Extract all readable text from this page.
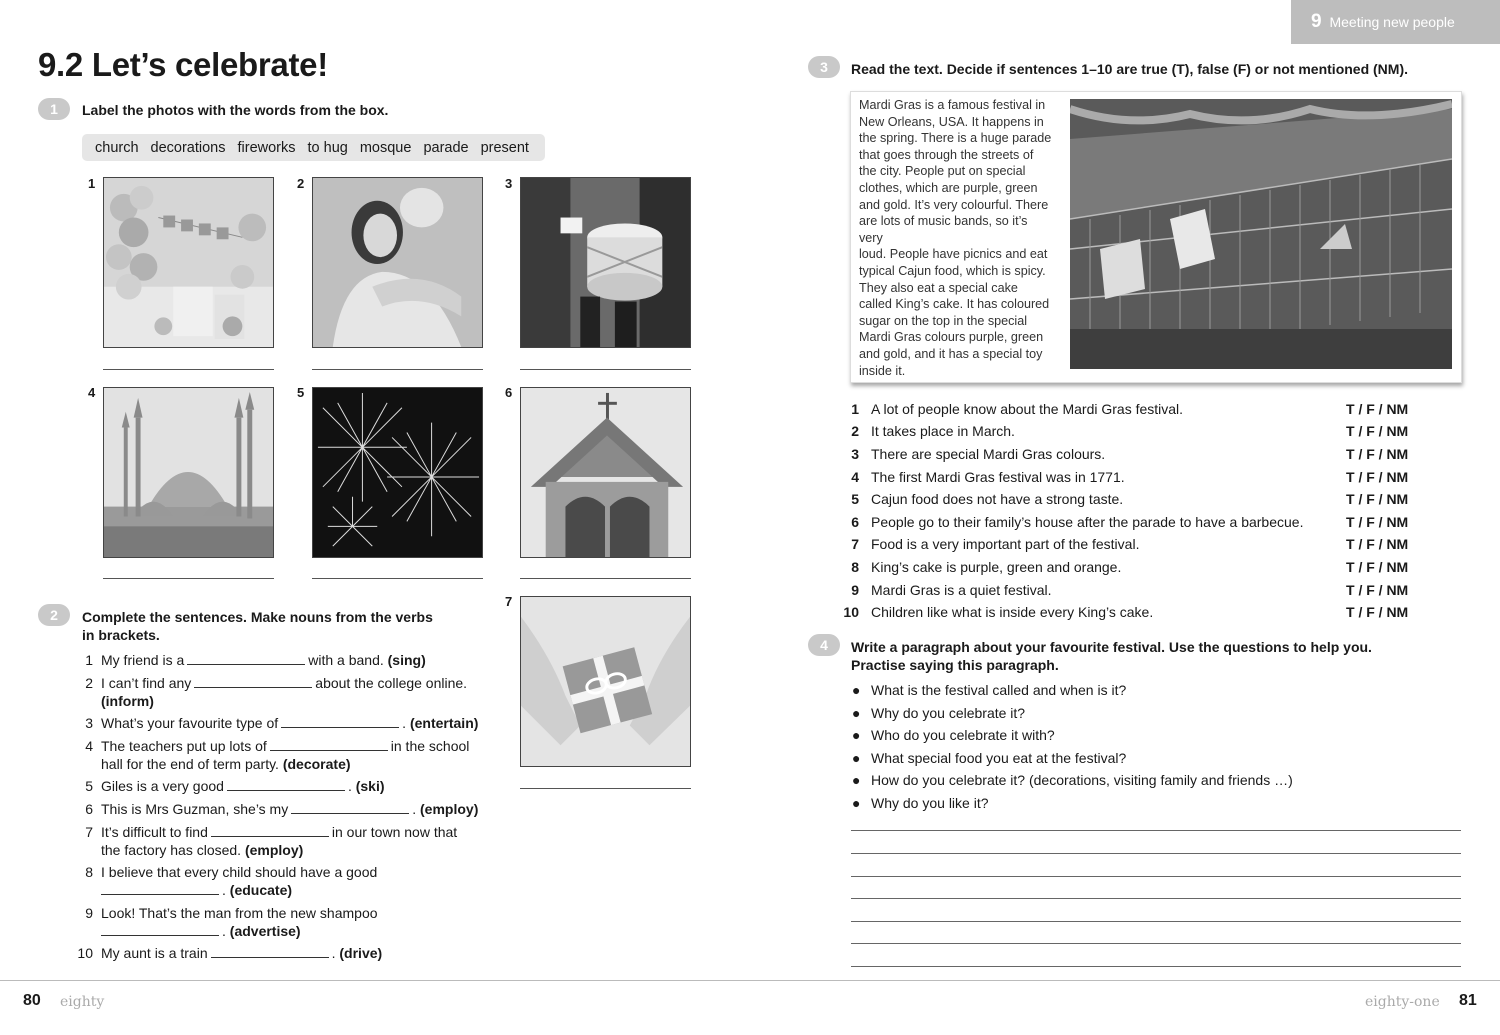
9 Meeting new people
9.2 Let’s celebrate!
1	Label the photos with the words from the box.
church decorations fireworks to hug mosque parade present
1	2	3
4	5	6
7
2	Complete the sentences. Make nouns from the verbs
in brackets.
1 My friend is a	with a band. (sing)
2 I can’t find any	about the college online.
(inform)
3 What’s your favourite type of	. (entertain)
4 The teachers put up lots of	in the school
hall for the end of term party. (decorate)
5 Giles is a very good	. (ski)
6 This is Mrs Guzman, she’s my	. (employ)
7 It’s difficult to find	in our town now that
the factory has closed. (employ)
8 I believe that every child should have a good
. (educate)
9 Look! That’s the man from the new shampoo
. (advertise)
10 My aunt is a train	. (drive)
3	Read the text. Decide if sentences 1–10 are true (T), false (F) or not mentioned (NM).
Mardi Gras is a famous festival in
New Orleans, USA. It happens in
the spring. There is a huge parade
that goes through the streets of
the city. People put on special
clothes, which are purple, green
and gold. It’s very colourful. There
are lots of music bands, so it’s very
loud. People have picnics and eat
typical Cajun food, which is spicy.
They also eat a special cake
called King’s cake. It has coloured
sugar on the top in the special
Mardi Gras colours purple, green
and gold, and it has a special toy
inside it.
1 A lot of people know about the Mardi Gras festival.	T / F / NM
2 It takes place in March.	T / F / NM
3 There are special Mardi Gras colours.	T / F / NM
4 The first Mardi Gras festival was in 1771.	T / F / NM
5 Cajun food does not have a strong taste.	T / F / NM
6 People go to their family’s house after the parade to have a barbecue.	T / F / NM
7 Food is a very important part of the festival.	T / F / NM
8 King’s cake is purple, green and orange.	T / F / NM
9 Mardi Gras is a quiet festival.	T / F / NM
10 Children like what is inside every King’s cake.	T / F / NM
4	Write a paragraph about your favourite festival. Use the questions to help you.
Practise saying this paragraph.
● What is the festival called and when is it?
● Why do you celebrate it?
● Who do you celebrate it with?
● What special food you eat at the festival?
● How do you celebrate it? (decorations, visiting family and friends …)
● Why do you like it?
80 eighty	eighty-one 81
